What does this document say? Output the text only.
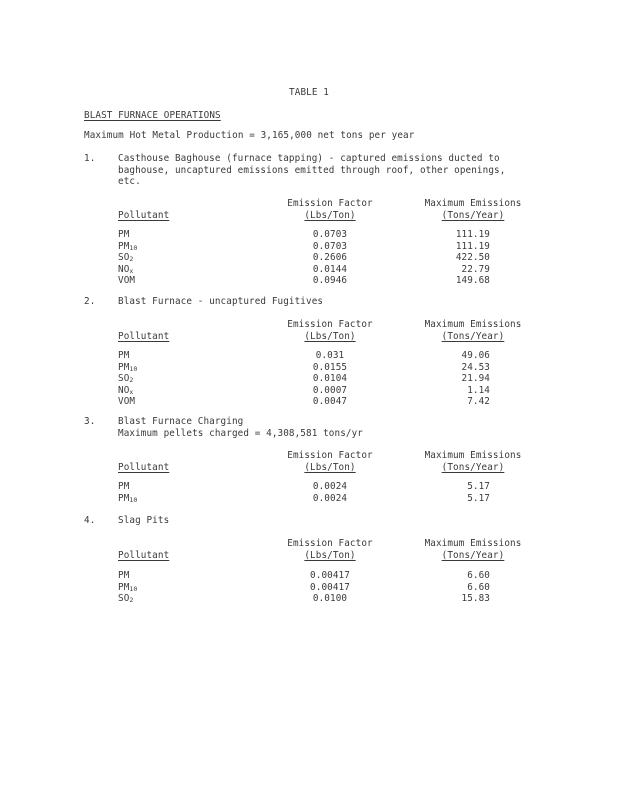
TABLE 1
BLAST FURNACE OPERATIONS
Maximum Hot Metal Production = 3,165,000 net tons per year
1. Casthouse Baghouse (furnace tapping) - captured emissions ducted to
baghouse, uncaptured emissions emitted through roof, other openings,
etc.
Emission Factor	Maximum Emissions
Pollutant	(Lbs/Ton)	(Tons/Year)
PM	0.0703	111.19
$PM_{10}$	0.0703	111.19
$SO_2$	0.2606	422.50
$NO_x$	0.0144	22.79
VOM	0.0946	149.68
2. Blast Furnace - uncaptured Fugitives
Emission Factor	Maximum Emissions
Pollutant	(Lbs/Ton)	(Tons/Year)
PM	0.031	49.06
$PM_{10}$	0.0155	24.53
$SO_2$	0.0104	21.94
$NO_x$	0.0007	1.14
VOM	0.0047	7.42
3. Blast Furnace Charging
Maximum pellets charged = 4,308,581 tons/yr
Emission Factor	Maximum Emissions
Pollutant	(Lbs/Ton)	(Tons/Year)
PM	0.0024	5.17
$PM_{10}$	0.0024	5.17
4. Slag Pits
Emission Factor	Maximum Emissions
Pollutant	(Lbs/Ton)	(Tons/Year)
PM	0.00417	6.60
$PM_{10}$	0.00417	6.60
$SO_2$	0.0100	15.83
